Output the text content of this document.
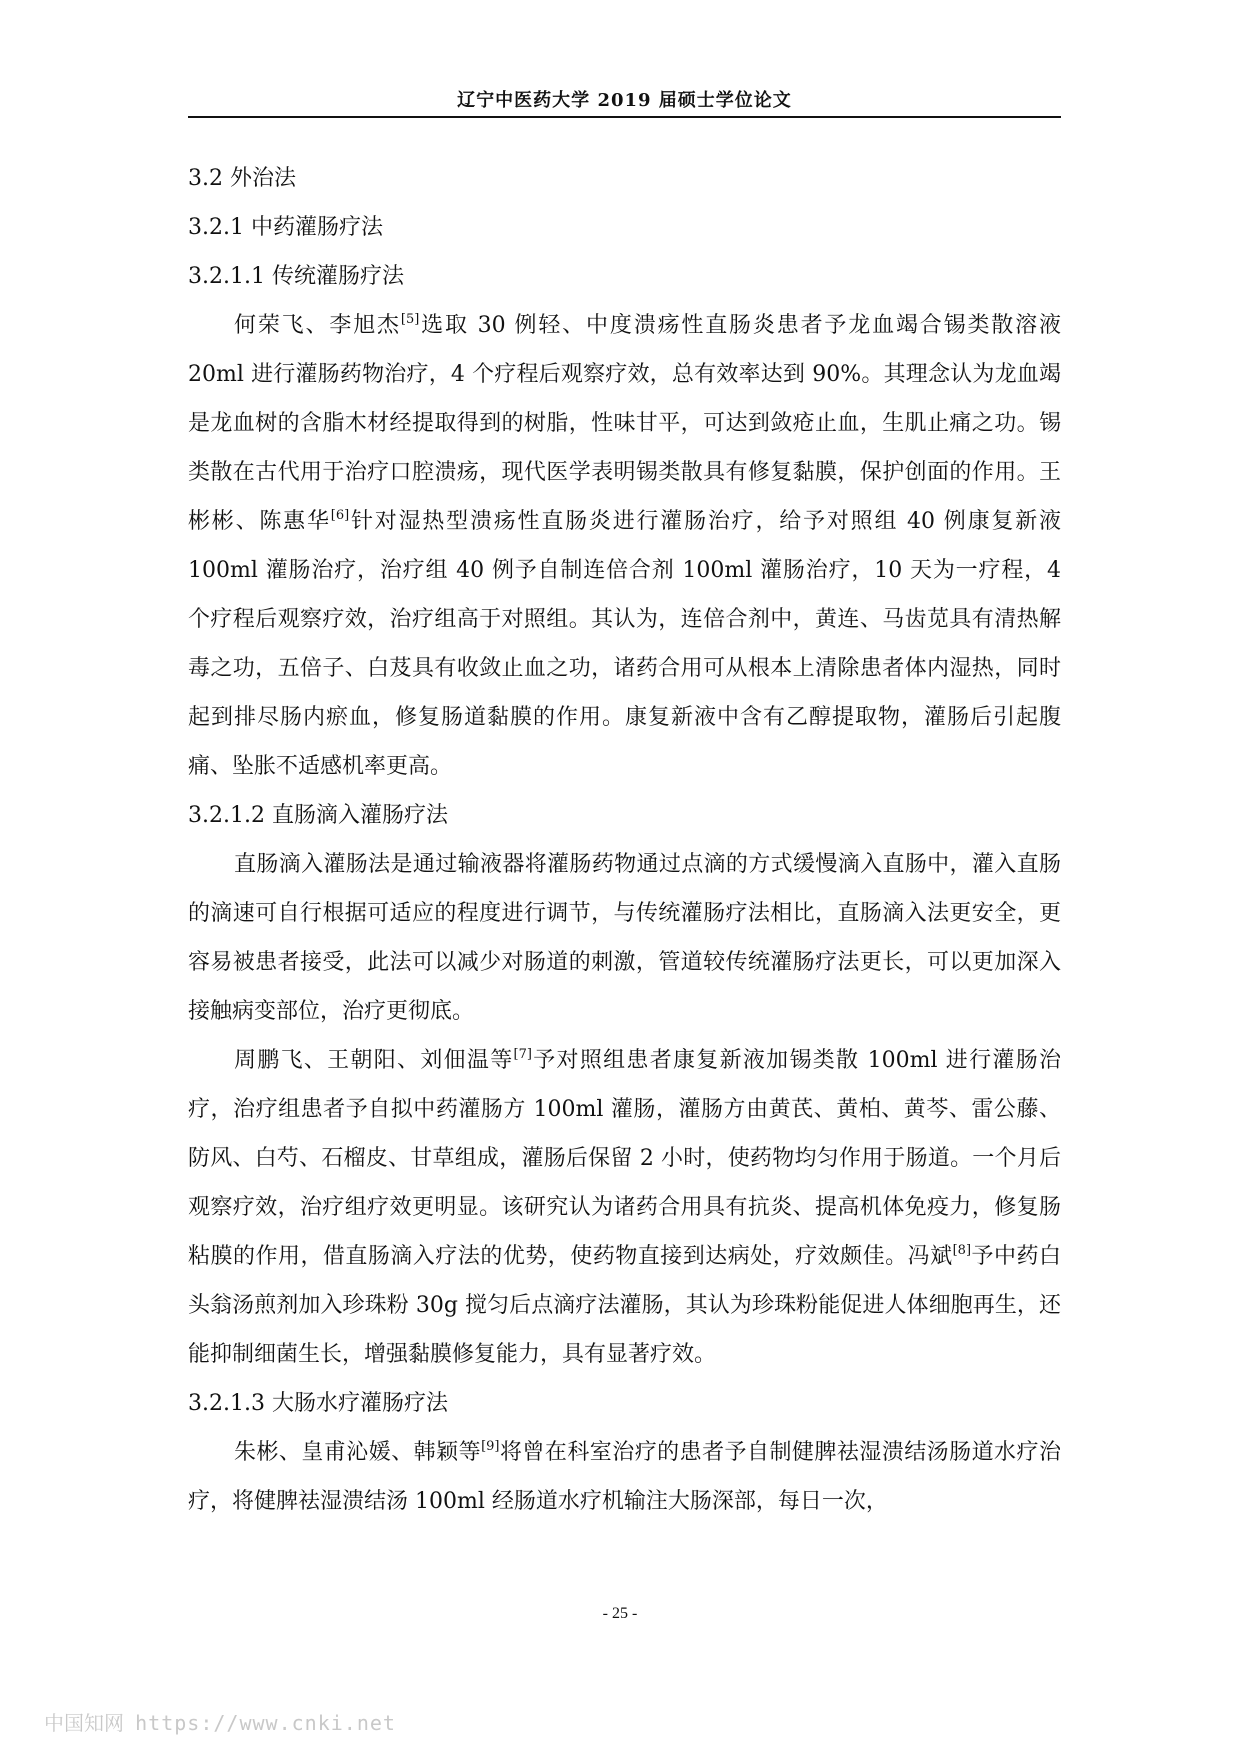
辽宁中医药大学 2019 届硕士学位论文

3.2 外治法

3.2.1 中药灌肠疗法

3.2.1.1 传统灌肠疗法

何荣飞、李旭杰[5]选取 30 例轻、中度溃疡性直肠炎患者予龙血竭合锡类散溶液 20ml 进行灌肠药物治疗，4 个疗程后观察疗效，总有效率达到 90%。其理念认为龙血竭是龙血树的含脂木材经提取得到的树脂，性味甘平，可达到敛疮止血，生肌止痛之功。锡类散在古代用于治疗口腔溃疡，现代医学表明锡类散具有修复黏膜，保护创面的作用。王彬彬、陈惠华[6]针对湿热型溃疡性直肠炎进行灌肠治疗，给予对照组 40 例康复新液 100ml 灌肠治疗，治疗组 40 例予自制连倍合剂 100ml 灌肠治疗，10 天为一疗程，4 个疗程后观察疗效，治疗组高于对照组。其认为，连倍合剂中，黄连、马齿苋具有清热解毒之功，五倍子、白芨具有收敛止血之功，诸药合用可从根本上清除患者体内湿热，同时起到排尽肠内瘀血，修复肠道黏膜的作用。康复新液中含有乙醇提取物，灌肠后引起腹痛、坠胀不适感机率更高。

3.2.1.2 直肠滴入灌肠疗法

直肠滴入灌肠法是通过输液器将灌肠药物通过点滴的方式缓慢滴入直肠中，灌入直肠的滴速可自行根据可适应的程度进行调节，与传统灌肠疗法相比，直肠滴入法更安全，更容易被患者接受，此法可以减少对肠道的刺激，管道较传统灌肠疗法更长，可以更加深入接触病变部位，治疗更彻底。

周鹏飞、王朝阳、刘佃温等[7]予对照组患者康复新液加锡类散 100ml 进行灌肠治疗，治疗组患者予自拟中药灌肠方 100ml 灌肠，灌肠方由黄芪、黄柏、黄芩、雷公藤、防风、白芍、石榴皮、甘草组成，灌肠后保留 2 小时，使药物均匀作用于肠道。一个月后观察疗效，治疗组疗效更明显。该研究认为诸药合用具有抗炎、提高机体免疫力，修复肠粘膜的作用，借直肠滴入疗法的优势，使药物直接到达病处，疗效颇佳。冯斌[8]予中药白头翁汤煎剂加入珍珠粉 30g 搅匀后点滴疗法灌肠，其认为珍珠粉能促进人体细胞再生，还能抑制细菌生长，增强黏膜修复能力，具有显著疗效。

3.2.1.3 大肠水疗灌肠疗法

朱彬、皇甫沁媛、韩颖等[9]将曾在科室治疗的患者予自制健脾祛湿溃结汤肠道水疗治疗，将健脾祛湿溃结汤 100ml 经肠道水疗机输注大肠深部，每日一次，

- 25 -
中国知网 https://www.cnki.net
